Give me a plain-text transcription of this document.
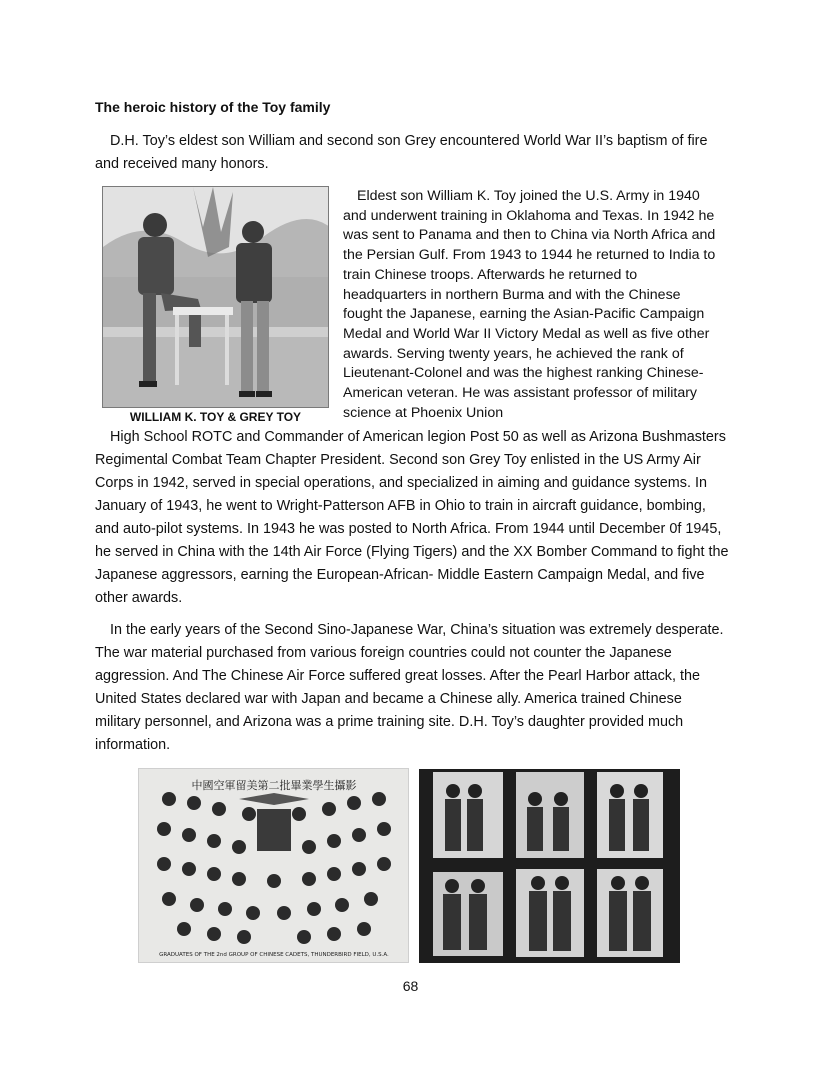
The heroic history of the Toy family

D.H. Toy’s eldest son William and second son Grey encountered World War II’s baptism of fire and received many honors.

WILLIAM K. TOY & GREY TOY

Eldest son William K. Toy joined the U.S. Army in 1940 and underwent training in Oklahoma and Texas. In 1942 he was sent to Panama and then to China via North Africa and the Persian Gulf. From 1943 to 1944 he returned to India to train Chinese troops. Afterwards he returned to headquarters in northern Burma and with the Chinese fought the Japanese, earning the Asian-Pacific Campaign Medal and World War II Victory Medal as well as five other awards. Serving twenty years, he achieved the rank of Lieutenant-Colonel and was the highest ranking Chinese-American veteran. He was assistant professor of military science at Phoenix Union

High School ROTC and Commander of American legion Post 50 as well as Arizona Bushmasters Regimental Combat Team Chapter President. Second son Grey Toy enlisted in the US Army Air Corps in 1942, served in special operations, and specialized in aiming and guidance systems. In January of 1943, he went to Wright-Patterson AFB in Ohio to train in aircraft guidance, bombing, and auto-pilot systems. In 1943 he was posted to North Africa. From 1944 until December 0f 1945, he served in China with the 14th Air Force (Flying Tigers) and the XX Bomber Command to fight the Japanese aggressors, earning the European-African- Middle Eastern Campaign Medal, and five other awards.

In the early years of the Second Sino-Japanese War, China’s situation was extremely desperate. The war material purchased from various foreign countries could not counter the Japanese aggression. And The Chinese Air Force suffered great losses. After the Pearl Harbor attack, the United States declared war with Japan and became a Chinese ally. America trained Chinese military personnel, and Arizona was a prime training site. D.H. Toy’s daughter provided much information.

中國空軍留美第二批畢業學生攝影
GRADUATES OF THE 2nd GROUP OF CHINESE CADETS, THUNDERBIRD FIELD, U.S.A.
68
